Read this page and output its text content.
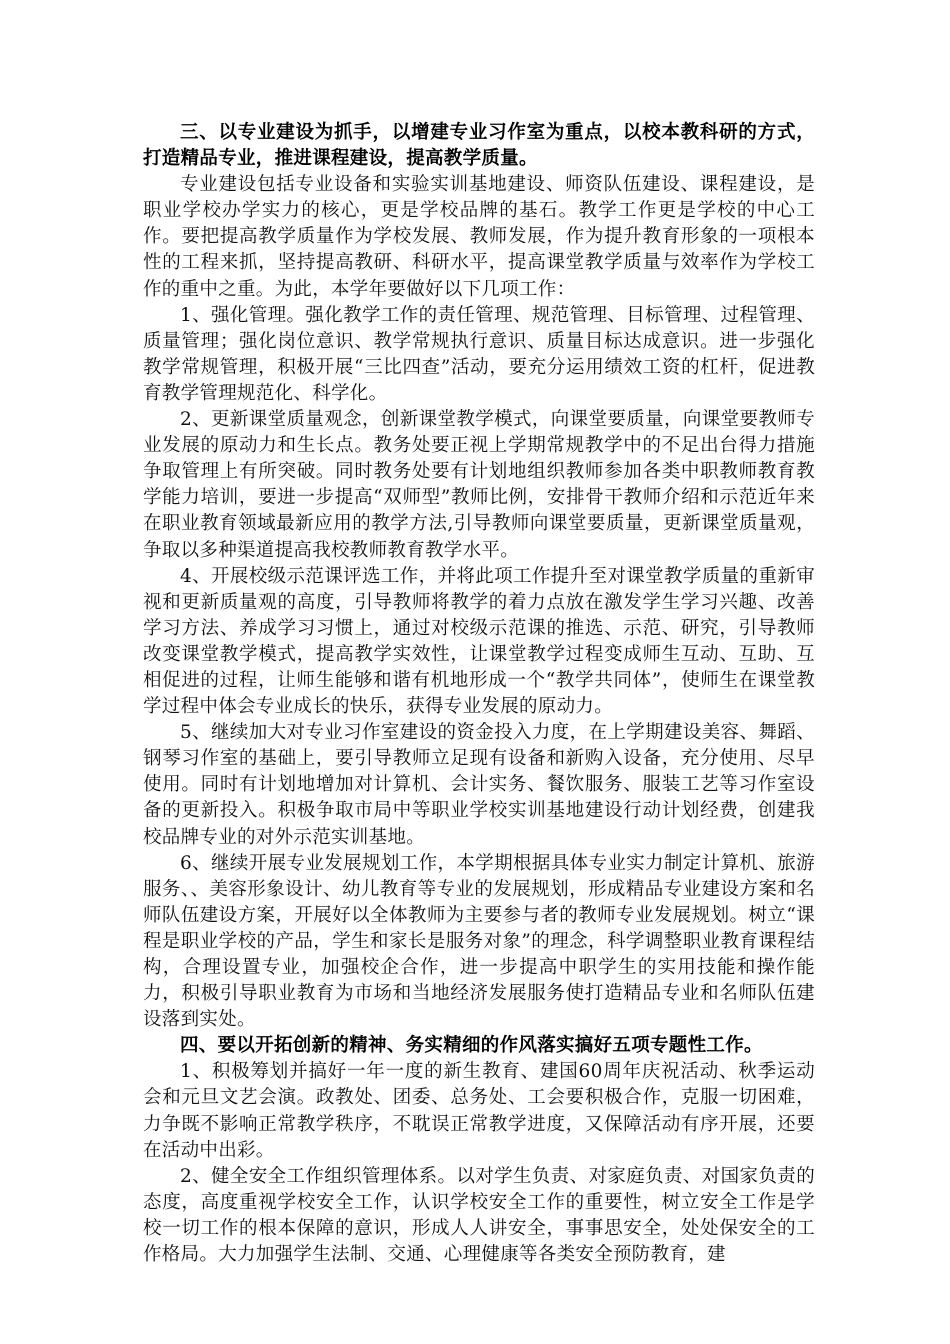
三、以专业建设为抓手，以增建专业习作室为重点，以校本教科研的方式，打造精品专业，推进课程建设，提高教学质量。

专业建设包括专业设备和实验实训基地建设、师资队伍建设、课程建设，是职业学校办学实力的核心，更是学校品牌的基石。教学工作更是学校的中心工作。要把提高教学质量作为学校发展、教师发展，作为提升教育形象的一项根本性的工程来抓，坚持提高教研、科研水平，提高课堂教学质量与效率作为学校工作的重中之重。为此，本学年要做好以下几项工作：

1、强化管理。强化教学工作的责任管理、规范管理、目标管理、过程管理、质量管理；强化岗位意识、教学常规执行意识、质量目标达成意识。进一步强化教学常规管理，积极开展“三比四查”活动，要充分运用绩效工资的杠杆，促进教育教学管理规范化、科学化。

2、更新课堂质量观念，创新课堂教学模式，向课堂要质量，向课堂要教师专业发展的原动力和生长点。教务处要正视上学期常规教学中的不足出台得力措施争取管理上有所突破。同时教务处要有计划地组织教师参加各类中职教师教育教学能力培训，要进一步提高“双师型”教师比例，安排骨干教师介绍和示范近年来在职业教育领域最新应用的教学方法,引导教师向课堂要质量，更新课堂质量观，争取以多种渠道提高我校教师教育教学水平。

4、开展校级示范课评选工作，并将此项工作提升至对课堂教学质量的重新审视和更新质量观的高度，引导教师将教学的着力点放在激发学生学习兴趣、改善学习方法、养成学习习惯上，通过对校级示范课的推选、示范、研究，引导教师改变课堂教学模式，提高教学实效性，让课堂教学过程变成师生互动、互助、互相促进的过程，让师生能够和谐有机地形成一个“教学共同体”，使师生在课堂教学过程中体会专业成长的快乐，获得专业发展的原动力。

5、继续加大对专业习作室建设的资金投入力度，在上学期建设美容、舞蹈、钢琴习作室的基础上，要引导教师立足现有设备和新购入设备，充分使用、尽早使用。同时有计划地增加对计算机、会计实务、餐饮服务、服装工艺等习作室设备的更新投入。积极争取市局中等职业学校实训基地建设行动计划经费，创建我校品牌专业的对外示范实训基地。

6、继续开展专业发展规划工作，本学期根据具体专业实力制定计算机、旅游服务、、美容形象设计、幼儿教育等专业的发展规划，形成精品专业建设方案和名师队伍建设方案，开展好以全体教师为主要参与者的教师专业发展规划。树立“课程是职业学校的产品，学生和家长是服务对象”的理念，科学调整职业教育课程结构，合理设置专业，加强校企合作，进一步提高中职学生的实用技能和操作能力，积极引导职业教育为市场和当地经济发展服务使打造精品专业和名师队伍建设落到实处。

四、要以开拓创新的精神、务实精细的作风落实搞好五项专题性工作。

1、积极筹划并搞好一年一度的新生教育、建国60周年庆祝活动、秋季运动会和元旦文艺会演。政教处、团委、总务处、工会要积极合作，克服一切困难，力争既不影响正常教学秩序，不耽误正常教学进度，又保障活动有序开展，还要在活动中出彩。

2、健全安全工作组织管理体系。以对学生负责、对家庭负责、对国家负责的态度，高度重视学校安全工作，认识学校安全工作的重要性，树立安全工作是学校一切工作的根本保障的意识，形成人人讲安全，事事思安全，处处保安全的工作格局。大力加强学生法制、交通、心理健康等各类安全预防教育，建
